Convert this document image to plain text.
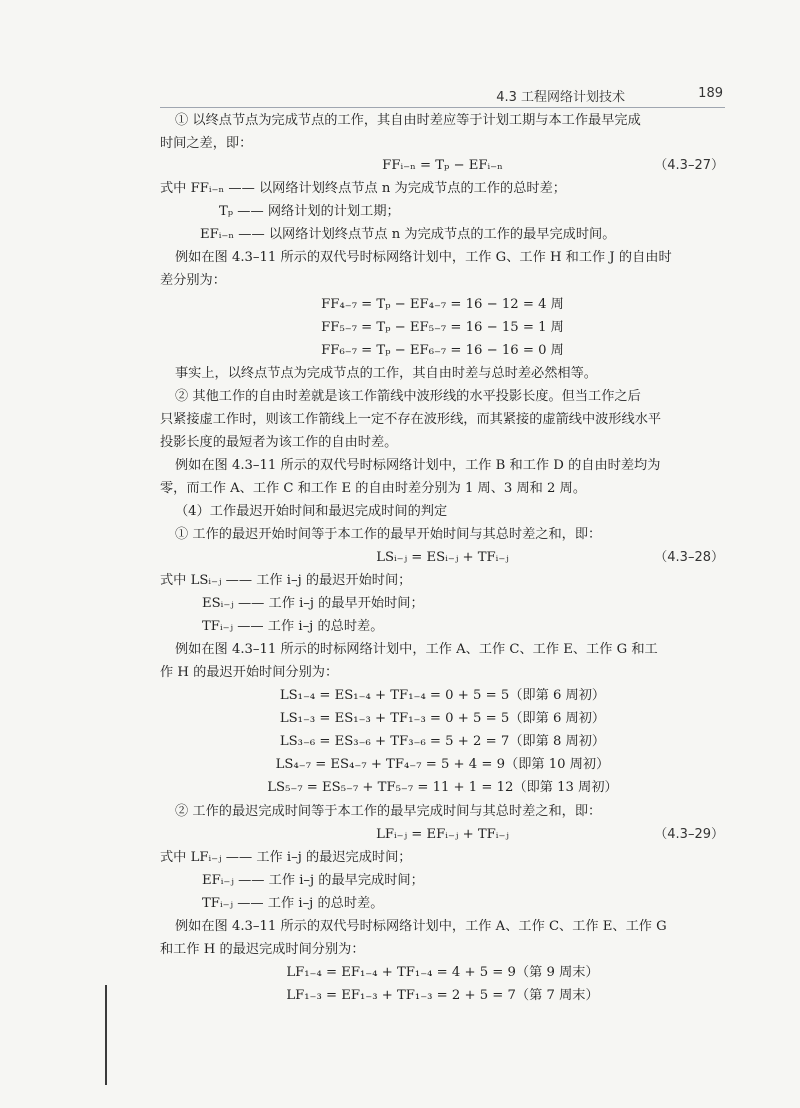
4.3 工程网络计划技术	189
① 以终点节点为完成节点的工作，其自由时差应等于计划工期与本工作最早完成
时间之差，即：
FFᵢ₋ₙ = Tₚ − EFᵢ₋ₙ
式中 FFᵢ₋ₙ —— 以网络计划终点节点 n 为完成节点的工作的总时差；
Tₚ —— 网络计划的计划工期；
EFᵢ₋ₙ —— 以网络计划终点节点 n 为完成节点的工作的最早完成时间。
例如在图 4.3–11 所示的双代号时标网络计划中，工作 G、工作 H 和工作 J 的自由时
差分别为：
FF₄₋₇ = Tₚ − EF₄₋₇ = 16 − 12 = 4 周
FF₅₋₇ = Tₚ − EF₅₋₇ = 16 − 15 = 1 周
FF₆₋₇ = Tₚ − EF₆₋₇ = 16 − 16 = 0 周
事实上，以终点节点为完成节点的工作，其自由时差与总时差必然相等。
② 其他工作的自由时差就是该工作箭线中波形线的水平投影长度。但当工作之后
只紧接虚工作时，则该工作箭线上一定不存在波形线，而其紧接的虚箭线中波形线水平
投影长度的最短者为该工作的自由时差。
例如在图 4.3–11 所示的双代号时标网络计划中，工作 B 和工作 D 的自由时差均为
零，而工作 A、工作 C 和工作 E 的自由时差分别为 1 周、3 周和 2 周。
（4）工作最迟开始时间和最迟完成时间的判定
① 工作的最迟开始时间等于本工作的最早开始时间与其总时差之和，即：
LSᵢ₋ⱼ = ESᵢ₋ⱼ + TFᵢ₋ⱼ
式中 LSᵢ₋ⱼ —— 工作 i–j 的最迟开始时间；
ESᵢ₋ⱼ —— 工作 i–j 的最早开始时间；
TFᵢ₋ⱼ —— 工作 i–j 的总时差。
例如在图 4.3–11 所示的时标网络计划中，工作 A、工作 C、工作 E、工作 G 和工
作 H 的最迟开始时间分别为：
LS₁₋₄ = ES₁₋₄ + TF₁₋₄ = 0 + 5 = 5（即第 6 周初）
LS₁₋₃ = ES₁₋₃ + TF₁₋₃ = 0 + 5 = 5（即第 6 周初）
LS₃₋₆ = ES₃₋₆ + TF₃₋₆ = 5 + 2 = 7（即第 8 周初）
LS₄₋₇ = ES₄₋₇ + TF₄₋₇ = 5 + 4 = 9（即第 10 周初）
LS₅₋₇ = ES₅₋₇ + TF₅₋₇ = 11 + 1 = 12（即第 13 周初）
② 工作的最迟完成时间等于本工作的最早完成时间与其总时差之和，即：
LFᵢ₋ⱼ = EFᵢ₋ⱼ + TFᵢ₋ⱼ
式中 LFᵢ₋ⱼ —— 工作 i–j 的最迟完成时间；
EFᵢ₋ⱼ —— 工作 i–j 的最早完成时间；
TFᵢ₋ⱼ —— 工作 i–j 的总时差。
例如在图 4.3–11 所示的双代号时标网络计划中，工作 A、工作 C、工作 E、工作 G
和工作 H 的最迟完成时间分别为：
LF₁₋₄ = EF₁₋₄ + TF₁₋₄ = 4 + 5 = 9（第 9 周末）
LF₁₋₃ = EF₁₋₃ + TF₁₋₃ = 2 + 5 = 7（第 7 周末）
（4.3–27）
（4.3–28）
（4.3–29）
